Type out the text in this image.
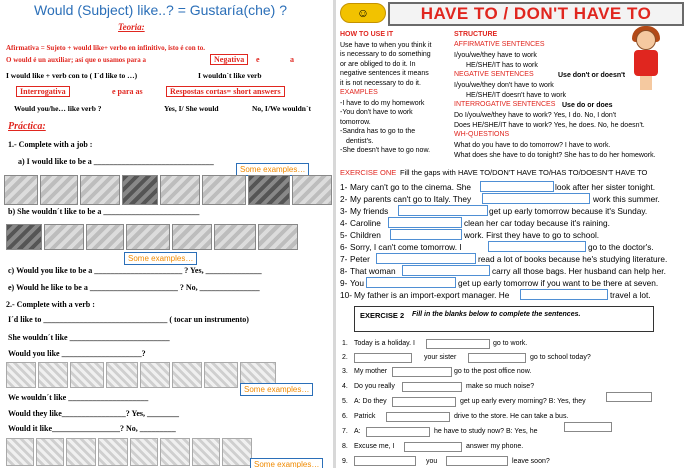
Would (Subject) like..? = Gustaría(che) ?
Teoria:
Afirmativa = Sujeto + would like+ verbo en infinitivo, isto é con to.
O would é un auxiliar; así que o usamos para a	Negativa	e	a
I would like + verb con to ( I´d like to …)	I wouldn´t like verb
Interrogativa	e para as	Respostas cortas= short answers
Would you/he… like verb ?	Yes, I/ She would	No, I/We wouldn´t
Práctica:
1.- Complete with a job :
a) I would like to be a ______________________________
Some examples…
b) She wouldn´t like to be a ________________________
Some examples…
c) Would you like to be a ______________________ ? Yes, ______________
e) Would he like to be a ______________________ ? No, _______________
2.- Complete with a verb :
I´d like to _______________________________ ( tocar un instrumento)
She wouldn´t like _________________________
Would you like ____________________?
Some examples…
We wouldn´t like ____________________
Would they like________________? Yes, ________
Would it like_________________? No, _________
Some examples…
☺	HAVE TO / DON'T HAVE TO
HOW TO USE IT
Use have to when you think it
is necessary to do something
or are obliged to do it. In
negative sentences it means
it is not necessary to do it.
EXAMPLES
-I have to do my homework
-You don't have to work
tomorrow.
-Sandra has to go to the
dentist's.
-She doesn't have to go now.
STRUCTURE
AFFIRMATIVE SENTENCES
I/you/we/they have to work
HE/SHE/IT has to work
NEGATIVE SENTENCES	Use don't or doesn't
I/you/we/they don't have to work
HE/SHE/IT doesn't have to work
INTERROGATIVE SENTENCES Use do or does
Do I/you/we/they have to work? Yes, I do. No, I don't
Does HE/SHE/IT have to work? Yes, he does. No, he doesn't.
WH-QUESTIONS
What do you have to do tomorrow? I have to work.
What does she have to do tonight? She has to do her homework.
EXERCISE ONE Fill the gaps with HAVE TO/DON'T HAVE TO/HAS TO/DOESN'T HAVE TO
1- Mary can't go to the cinema. She	look after her sister tonight.
2- My parents can't go to Italy. They	work this summer.
3- My friends	get up early tomorrow because it's Sunday.
4- Caroline	clean her car today because it's raining.
5- Children	work. First they have to go to school.
6- Sorry, I can't come tomorrow. I	go to the doctor's.
7- Peter	read a lot of books because he's studying literature.
8- That woman	carry all those bags. Her husband can help her.
9- You	get up early tomorrow if you want to be there at seven.
10- My father is an import-export manager. He	travel a lot.
EXERCISE 2 Fill in the blanks below to complete the sentences.
1. Today is a holiday. I	go to work.
2.	your sister	go to school today?
3. My mother	go to the post office now.
4. Do you really	make so much noise?
5. A: Do they	get up early every morning? B: Yes, they
6. Patrick	drive to the store. He can take a bus.
7. A:	he have to study now? B: Yes, he
8. Excuse me, I	answer my phone.
9.	you	leave soon?
